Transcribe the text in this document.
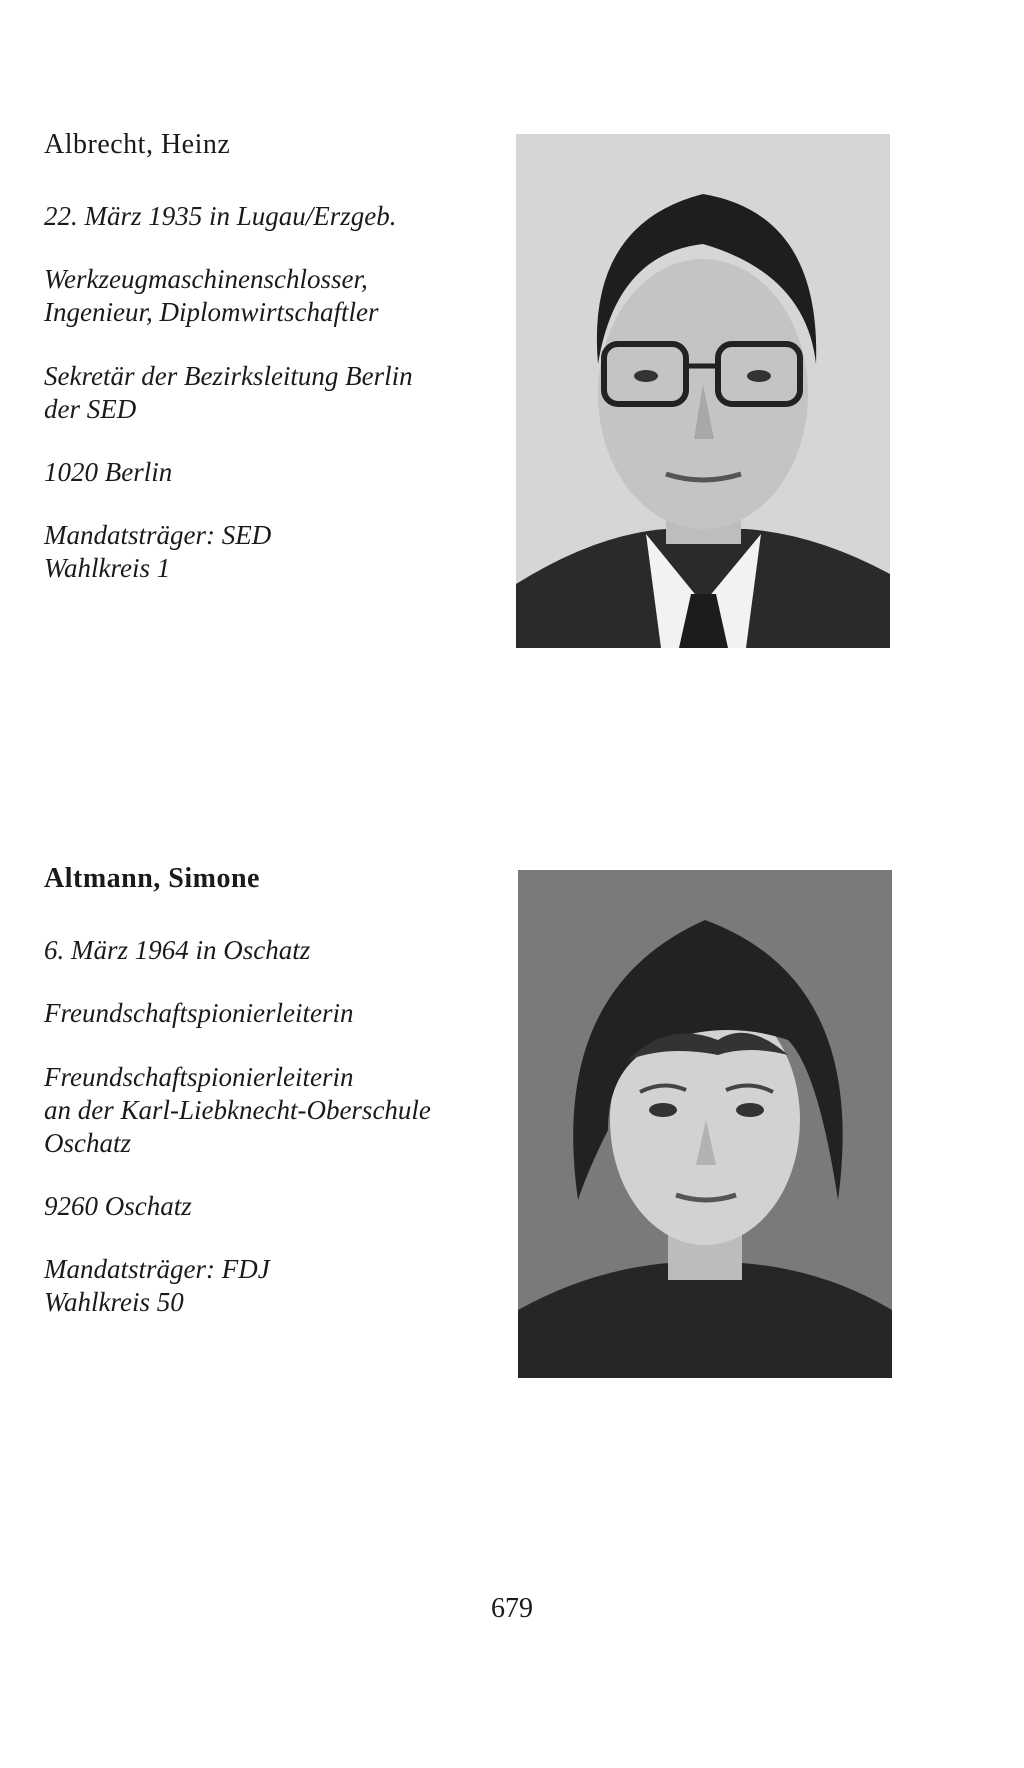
Albrecht, Heinz

22. März 1935 in Lugau/Erzgeb.

Werkzeugmaschinenschlosser,

Ingenieur, Diplomwirtschaftler

Sekretär der Bezirksleitung Berlin

der SED

1020 Berlin

Mandatsträger: SED

Wahlkreis 1

Altmann, Simone

6. März 1964 in Oschatz

Freundschaftspionierleiterin

Freundschaftspionierleiterin

an der Karl-Liebknecht-Oberschule

Oschatz

9260 Oschatz

Mandatsträger: FDJ

Wahlkreis 50

679
